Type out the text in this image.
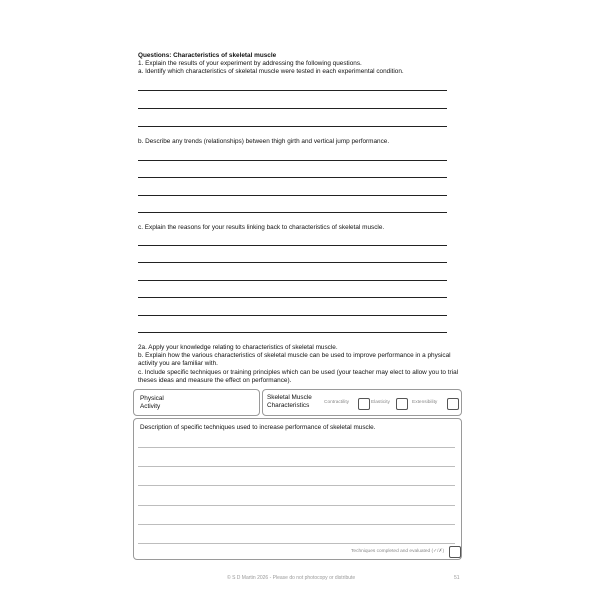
Questions: Characteristics of skeletal muscle
1. Explain the results of your experiment by addressing the following questions.
a. Identify which characteristics of skeletal muscle were tested in each experimental condition.
b. Describe any trends (relationships) between thigh girth and vertical jump performance.
c. Explain the reasons for your results linking back to characteristics of skeletal muscle.
2a. Apply your knowledge relating to characteristics of skeletal muscle.
b. Explain how the various characteristics of skeletal muscle can be used to improve performance in a physical activity you are familiar with.
c. Include specific techniques or training principles which can be used (your teacher may elect to allow you to trial theses ideas and measure the effect on performance).
Physical Activity
Skeletal Muscle Characteristics	Contractility	Elasticity	Extensibility
Description of specific techniques used to increase performance of skeletal muscle.
Techniques completed and evaluated (✓/✗)
© S D Martin 2026 - Please do not photocopy or distribute	51
